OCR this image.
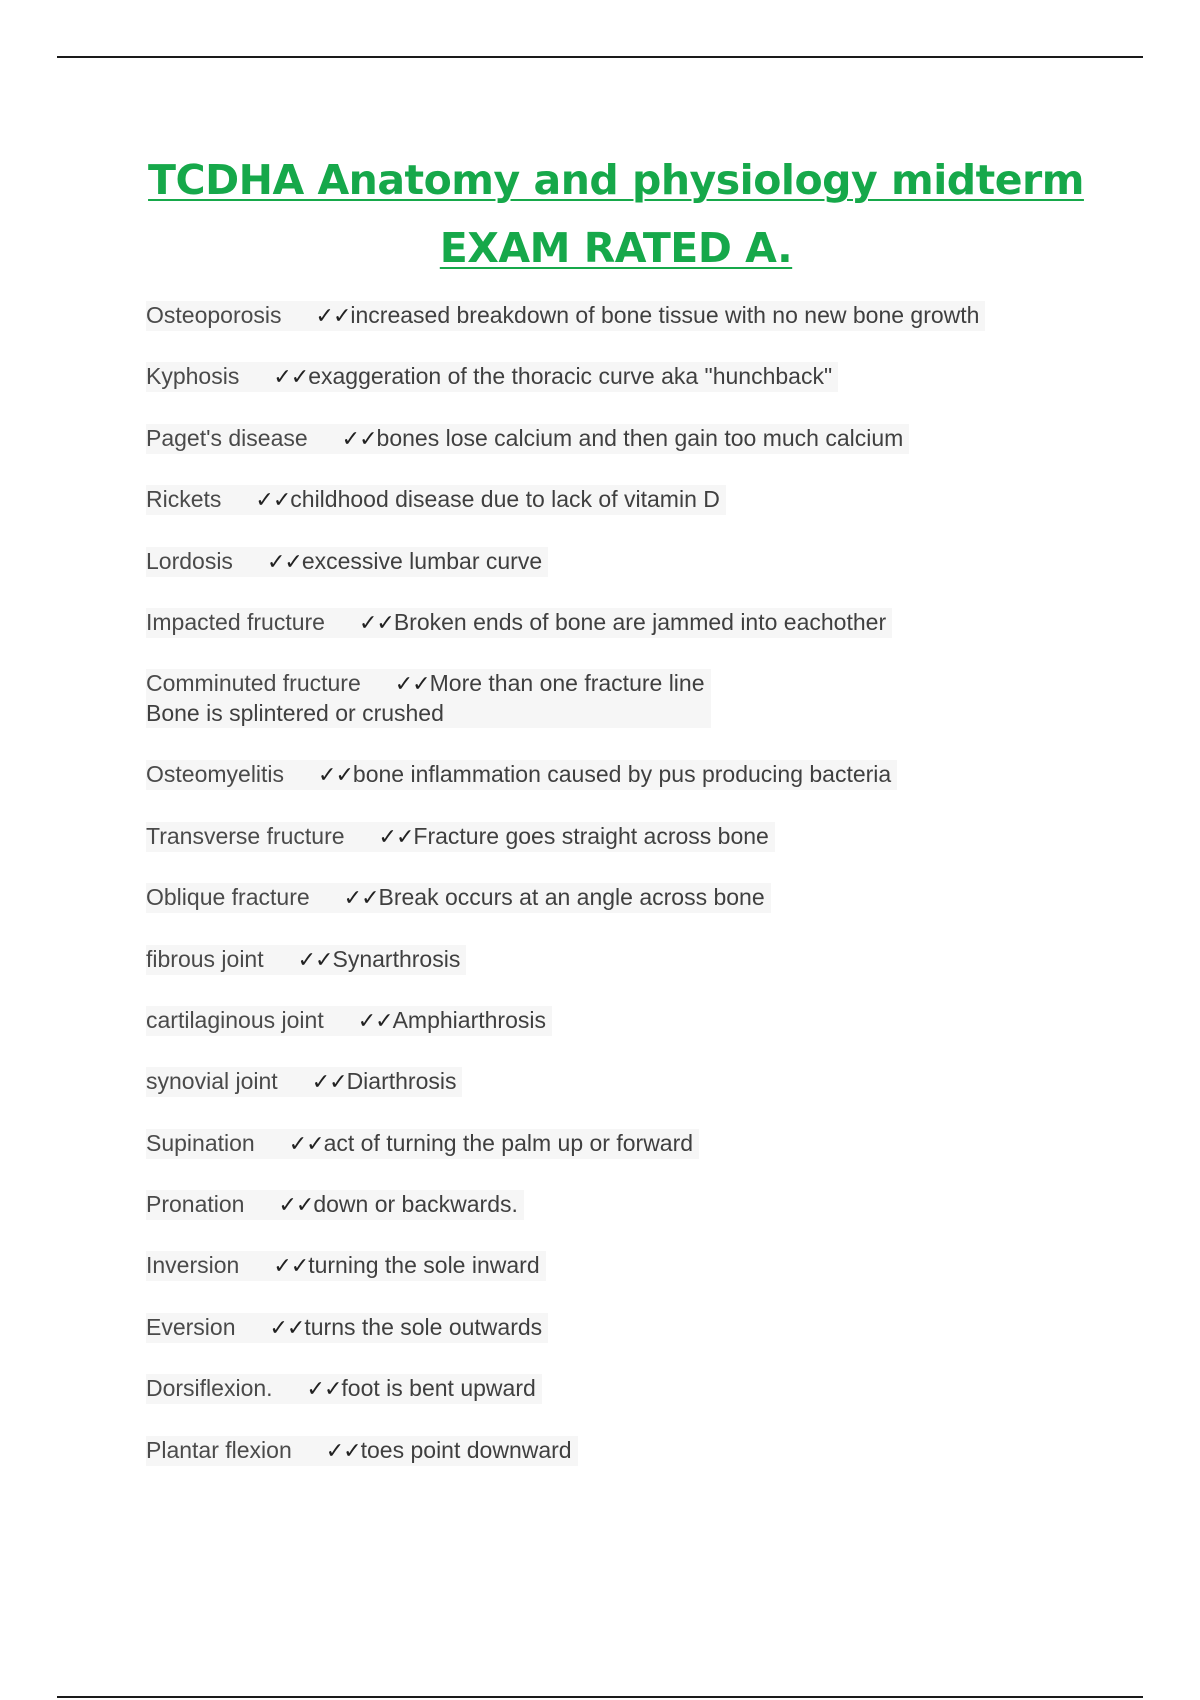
TCDHA Anatomy and physiology midterm
EXAM RATED A.
Osteoporosis ✓✓increased breakdown of bone tissue with no new bone growth
Kyphosis ✓✓exaggeration of the thoracic curve aka "hunchback"
Paget's disease ✓✓bones lose calcium and then gain too much calcium
Rickets ✓✓childhood disease due to lack of vitamin D
Lordosis ✓✓excessive lumbar curve
Impacted fructure ✓✓Broken ends of bone are jammed into eachother
Comminuted fructure ✓✓More than one fracture line
Bone is splintered or crushed
Osteomyelitis ✓✓bone inflammation caused by pus producing bacteria
Transverse fructure ✓✓Fracture goes straight across bone
Oblique fracture ✓✓Break occurs at an angle across bone
fibrous joint ✓✓Synarthrosis
cartilaginous joint ✓✓Amphiarthrosis
synovial joint ✓✓Diarthrosis
Supination ✓✓act of turning the palm up or forward
Pronation ✓✓down or backwards.
Inversion ✓✓turning the sole inward
Eversion ✓✓turns the sole outwards
Dorsiflexion. ✓✓foot is bent upward
Plantar flexion ✓✓toes point downward
